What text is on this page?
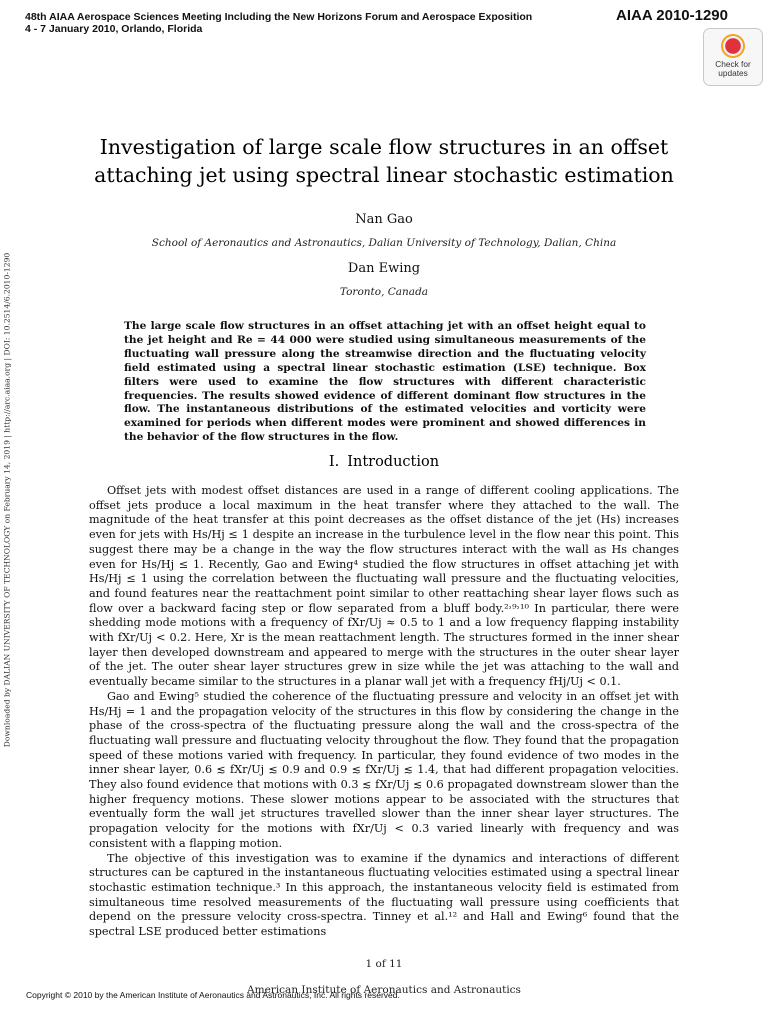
48th AIAA Aerospace Sciences Meeting Including the New Horizons Forum and Aerospace Exposition
4 - 7 January 2010, Orlando, Florida
AIAA 2010-1290
Check for
updates
Downloaded by DALIAN UNIVERSITY OF TECHNOLOGY on February 14, 2019 | http://arc.aiaa.org | DOI: 10.2514/6.2010-1290
Investigation of large scale flow structures in an offset
attaching jet using spectral linear stochastic estimation
Nan Gao
School of Aeronautics and Astronautics, Dalian University of Technology, Dalian, China
Dan Ewing
Toronto, Canada
The large scale flow structures in an offset attaching jet with an offset height equal to the jet height and Re = 44 000 were studied using simultaneous measurements of the fluctuating wall pressure along the streamwise direction and the fluctuating velocity field estimated using a spectral linear stochastic estimation (LSE) technique. Box filters were used to examine the flow structures with different characteristic frequencies. The results showed evidence of different dominant flow structures in the flow. The instantaneous distributions of the estimated velocities and vorticity were examined for periods when different modes were prominent and showed differences in the behavior of the flow structures in the flow.
I. Introduction

Offset jets with modest offset distances are used in a range of different cooling applications. The offset jets produce a local maximum in the heat transfer where they attached to the wall. The magnitude of the heat transfer at this point decreases as the offset distance of the jet (Hs) increases even for jets with Hs/Hj ≤ 1 despite an increase in the turbulence level in the flow near this point. This suggest there may be a change in the way the flow structures interact with the wall as Hs changes even for Hs/Hj ≤ 1. Recently, Gao and Ewing⁴ studied the flow structures in offset attaching jet with Hs/Hj ≤ 1 using the correlation between the fluctuating wall pressure and the fluctuating velocities, and found features near the reattachment point similar to other reattaching shear layer flows such as flow over a backward facing step or flow separated from a bluff body.²˒⁹˒¹⁰ In particular, there were shedding mode motions with a frequency of fXr/Uj ≈ 0.5 to 1 and a low frequency flapping instability with fXr/Uj < 0.2. Here, Xr is the mean reattachment length. The structures formed in the inner shear layer then developed downstream and appeared to merge with the structures in the outer shear layer of the jet. The outer shear layer structures grew in size while the jet was attaching to the wall and eventually became similar to the structures in a planar wall jet with a frequency fHj/Uj < 0.1.

Gao and Ewing⁵ studied the coherence of the fluctuating pressure and velocity in an offset jet with Hs/Hj = 1 and the propagation velocity of the structures in this flow by considering the change in the phase of the cross-spectra of the fluctuating pressure along the wall and the cross-spectra of the fluctuating wall pressure and fluctuating velocity throughout the flow. They found that the propagation speed of these motions varied with frequency. In particular, they found evidence of two modes in the inner shear layer, 0.6 ≲ fXr/Uj ≲ 0.9 and 0.9 ≲ fXr/Uj ≲ 1.4, that had different propagation velocities. They also found evidence that motions with 0.3 ≲ fXr/Uj ≲ 0.6 propagated downstream slower than the higher frequency motions. These slower motions appear to be associated with the structures that eventually form the wall jet structures travelled slower than the inner shear layer structures. The propagation velocity for the motions with fXr/Uj < 0.3 varied linearly with frequency and was consistent with a flapping motion.

The objective of this investigation was to examine if the dynamics and interactions of different structures can be captured in the instantaneous fluctuating velocities estimated using a spectral linear stochastic estimation technique.³ In this approach, the instantaneous velocity field is estimated from simultaneous time resolved measurements of the fluctuating wall pressure using coefficients that depend on the pressure velocity cross-spectra. Tinney et al.¹² and Hall and Ewing⁶ found that the spectral LSE produced better estimations

1 of 11
American Institute of Aeronautics and Astronautics
Copyright © 2010 by the American Institute of Aeronautics and Astronautics, Inc. All rights reserved.
